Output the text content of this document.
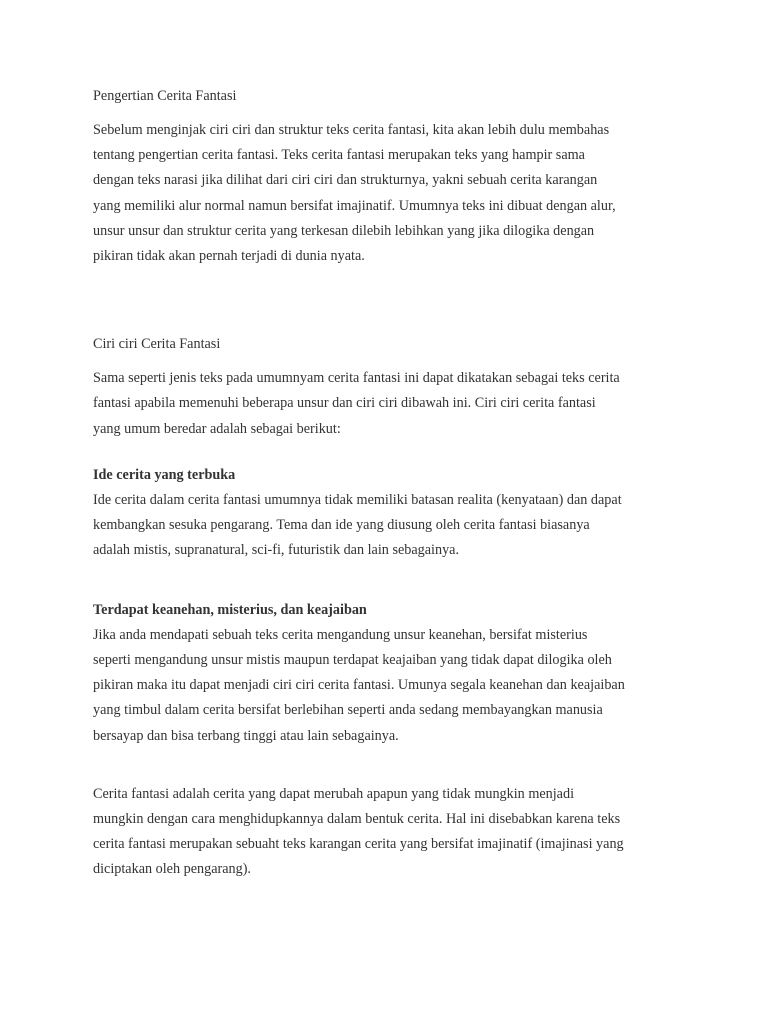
Pengertian Cerita Fantasi

Sebelum menginjak ciri ciri dan struktur teks cerita fantasi, kita akan lebih dulu membahas
tentang pengertian cerita fantasi. Teks cerita fantasi merupakan teks yang hampir sama
dengan teks narasi jika dilihat dari ciri ciri dan strukturnya, yakni sebuah cerita karangan
yang memiliki alur normal namun bersifat imajinatif. Umumnya teks ini dibuat dengan alur,
unsur unsur dan struktur cerita yang terkesan dilebih lebihkan yang jika dilogika dengan
pikiran tidak akan pernah terjadi di dunia nyata.

Ciri ciri Cerita Fantasi

Sama seperti jenis teks pada umumnyam cerita fantasi ini dapat dikatakan sebagai teks cerita
fantasi apabila memenuhi beberapa unsur dan ciri ciri dibawah ini. Ciri ciri cerita fantasi
yang umum beredar adalah sebagai berikut:

Ide cerita yang terbuka

Ide cerita dalam cerita fantasi umumnya tidak memiliki batasan realita (kenyataan) dan dapat
kembangkan sesuka pengarang. Tema dan ide yang diusung oleh cerita fantasi biasanya
adalah mistis, supranatural, sci-fi, futuristik dan lain sebagainya.

Terdapat keanehan, misterius, dan keajaiban

Jika anda mendapati sebuah teks cerita mengandung unsur keanehan, bersifat misterius
seperti mengandung unsur mistis maupun terdapat keajaiban yang tidak dapat dilogika oleh
pikiran maka itu dapat menjadi ciri ciri cerita fantasi. Umunya segala keanehan dan keajaiban
yang timbul dalam cerita bersifat berlebihan seperti anda sedang membayangkan manusia
bersayap dan bisa terbang tinggi atau lain sebagainya.
Cerita fantasi adalah cerita yang dapat merubah apapun yang tidak mungkin menjadi
mungkin dengan cara menghidupkannya dalam bentuk cerita. Hal ini disebabkan karena teks
cerita fantasi merupakan sebuaht teks karangan cerita yang bersifat imajinatif (imajinasi yang
diciptakan oleh pengarang).
